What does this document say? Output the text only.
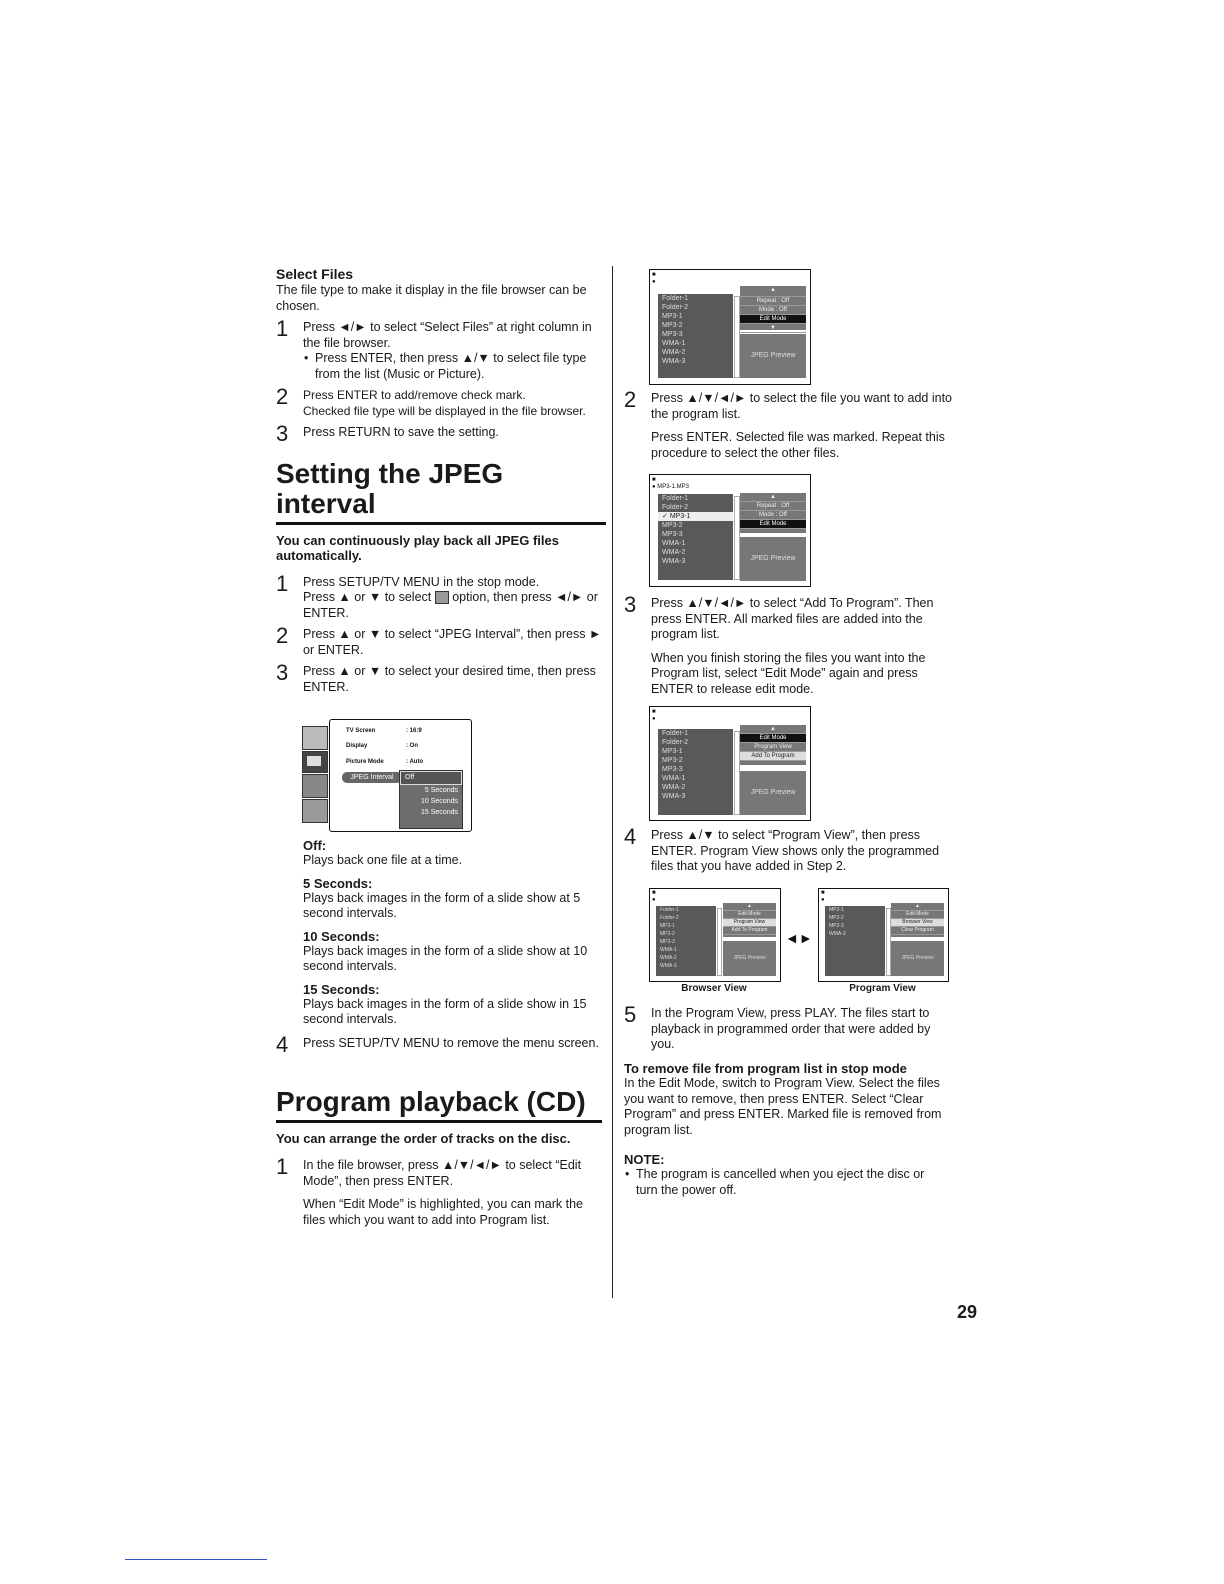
Select Files
The file type to make it display in the file browser can be chosen.
1 Press ◄/► to select “Select Files” at right column in the file browser.
• Press ENTER, then press ▲/▼ to select file type from the list (Music or Picture).
2 Press ENTER to add/remove check mark.
Checked file type will be displayed in the file browser.
3 Press RETURN to save the setting.
Setting the JPEG
interval
You can continuously play back all JPEG files automatically.
1 Press SETUP/TV MENU in the stop mode.
Press ▲ or ▼ to select option, then press ◄/► or ENTER.
2 Press ▲ or ▼ to select “JPEG Interval”, then press ► or ENTER.
3 Press ▲ or ▼ to select your desired time, then press ENTER.
TV Screen	: 16:9
Display	: On
Picture Mode	: Auto
JPEG Interval	Off
5 Seconds
10 Seconds
15 Seconds
Off:
Plays back one file at a time.
5 Seconds:
Plays back images in the form of a slide show at 5 second intervals.
10 Seconds:
Plays back images in the form of a slide show at 10 second intervals.
15 Seconds:
Plays back images in the form of a slide show in 15 second intervals.
4 Press SETUP/TV MENU to remove the menu screen.
Program playback (CD)
You can arrange the order of tracks on the disc.
1 In the file browser, press ▲/▼/◄/► to select “Edit Mode”, then press ENTER.
When “Edit Mode” is highlighted, you can mark the files which you want to add into Program list.
■
●
Folder-1
Folder-2
MP3-1
MP3-2
MP3-3
WMA-1
WMA-2
WMA-3
▲
Repeat : Off
Mode : Off
Edit Mode
▼
JPEG Preview
2 Press ▲/▼/◄/► to select the file you want to add into the program list.
Press ENTER. Selected file was marked. Repeat this procedure to select the other files.
■
● MP3-1.MP3
Folder-1
Folder-2
✓ MP3-1
MP3-2
MP3-3
WMA-1
WMA-2
WMA-3
▲
Repeat : Off
Mode : Off
Edit Mode
JPEG Preview
3 Press ▲/▼/◄/► to select “Add To Program”. Then press ENTER. All marked files are added into the program list.
When you finish storing the files you want into the Program list, select “Edit Mode” again and press ENTER to release edit mode.
■
●
Folder-1
Folder-2
MP3-1
MP3-2
MP3-3
WMA-1
WMA-2
WMA-3
▲
Edit Mode
Program View
Add To Program
JPEG Preview
4 Press ▲/▼ to select “Program View”, then press ENTER. Program View shows only the programmed files that you have added in Step 2.
■
●
Folder-1
Folder-2
MP3-1
MP3-2
MP3-3
WMA-1
WMA-2
WMA-3
▲
Edit Mode
Program View
Add To Program
JPEG Preview
◄►
■
●
MP3-1
MP3-2
MP3-3
WMA-3
▲
Edit Mode
Browser View
Clear Program
JPEG Preview
Browser View	Program View
5 In the Program View, press PLAY. The files start to playback in programmed order that were added by you.
To remove file from program list in stop mode
In the Edit Mode, switch to Program View. Select the files you want to remove, then press ENTER. Select “Clear Program” and press ENTER. Marked file is removed from program list.
NOTE:
• The program is cancelled when you eject the disc or turn the power off.
29
